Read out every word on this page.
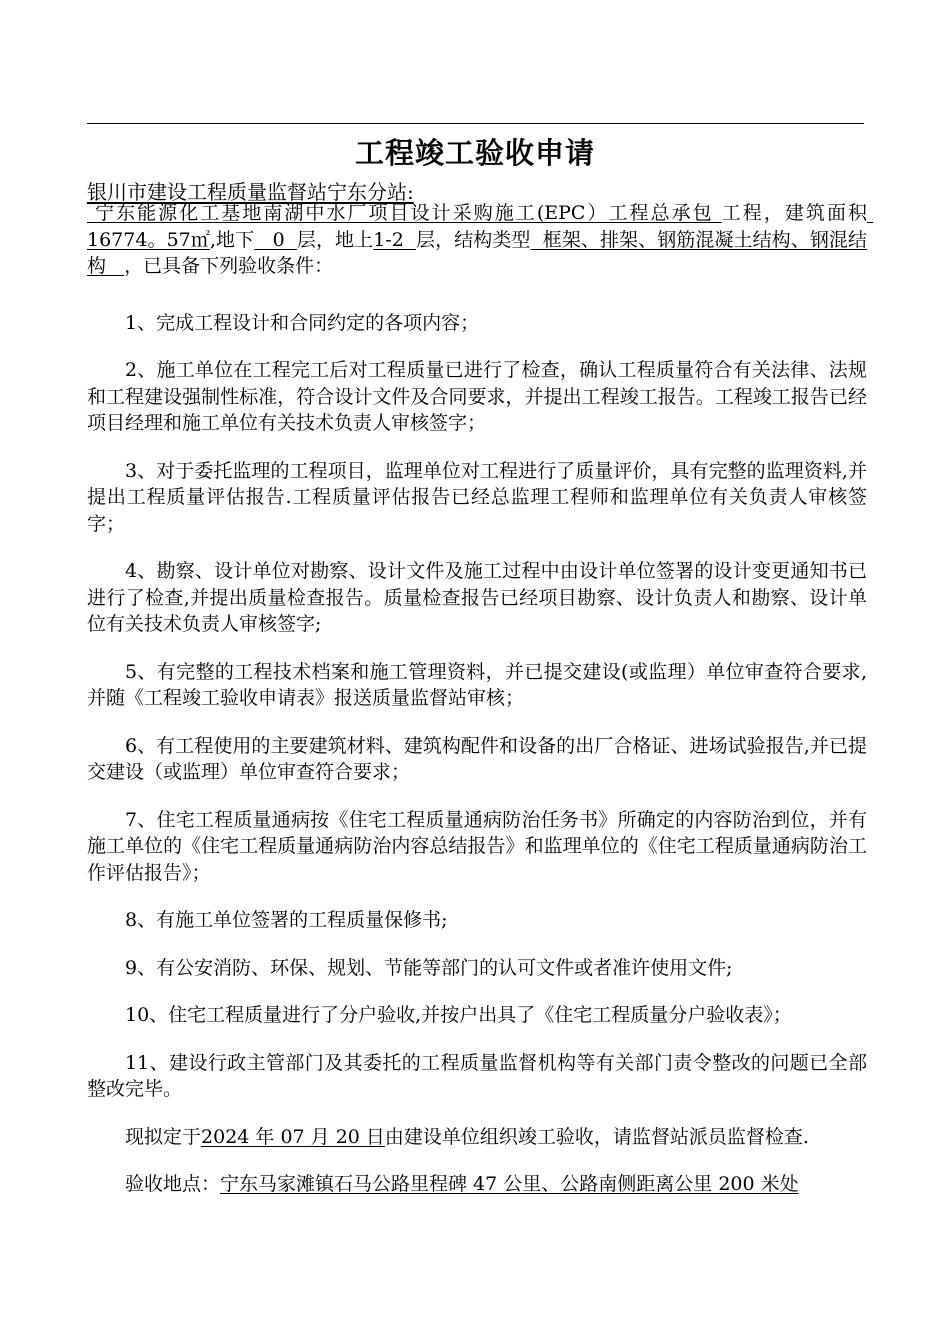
工程竣工验收申请
银川市建设工程质量监督站宁东分站:

宁东能源化工基地南湖中水厂项目设计采购施工(EPC）工程总承包 工程，建筑面积 16774。57㎡,地下   0  层，地上1-2  层，结构类型  框架、排架、钢筋混凝土结构、钢混结构   ，已具备下列验收条件：

1、完成工程设计和合同约定的各项内容；

2、施工单位在工程完工后对工程质量已进行了检查，确认工程质量符合有关法律、法规和工程建设强制性标准，符合设计文件及合同要求，并提出工程竣工报告。工程竣工报告已经项目经理和施工单位有关技术负责人审核签字；

3、对于委托监理的工程项目，监理单位对工程进行了质量评价，具有完整的监理资料,并提出工程质量评估报告.工程质量评估报告已经总监理工程师和监理单位有关负责人审核签字；

4、勘察、设计单位对勘察、设计文件及施工过程中由设计单位签署的设计变更通知书已进行了检查,并提出质量检查报告。质量检查报告已经项目勘察、设计负责人和勘察、设计单位有关技术负责人审核签字;

5、有完整的工程技术档案和施工管理资料，并已提交建设(或监理）单位审查符合要求,并随《工程竣工验收申请表》报送质量监督站审核；

6、有工程使用的主要建筑材料、建筑构配件和设备的出厂合格证、进场试验报告,并已提交建设（或监理）单位审查符合要求；

7、住宅工程质量通病按《住宅工程质量通病防治任务书》所确定的内容防治到位，并有施工单位的《住宅工程质量通病防治内容总结报告》和监理单位的《住宅工程质量通病防治工作评估报告》；

8、有施工单位签署的工程质量保修书;

9、有公安消防、环保、规划、节能等部门的认可文件或者准许使用文件;

10、住宅工程质量进行了分户验收,并按户出具了《住宅工程质量分户验收表》；

11、建设行政主管部门及其委托的工程质量监督机构等有关部门责令整改的问题已全部整改完毕。

现拟定于2024 年 07 月 20 日由建设单位组织竣工验收，请监督站派员监督检查.

验收地点：宁东马家滩镇石马公路里程碑 47 公里、公路南侧距离公里 200 米处
